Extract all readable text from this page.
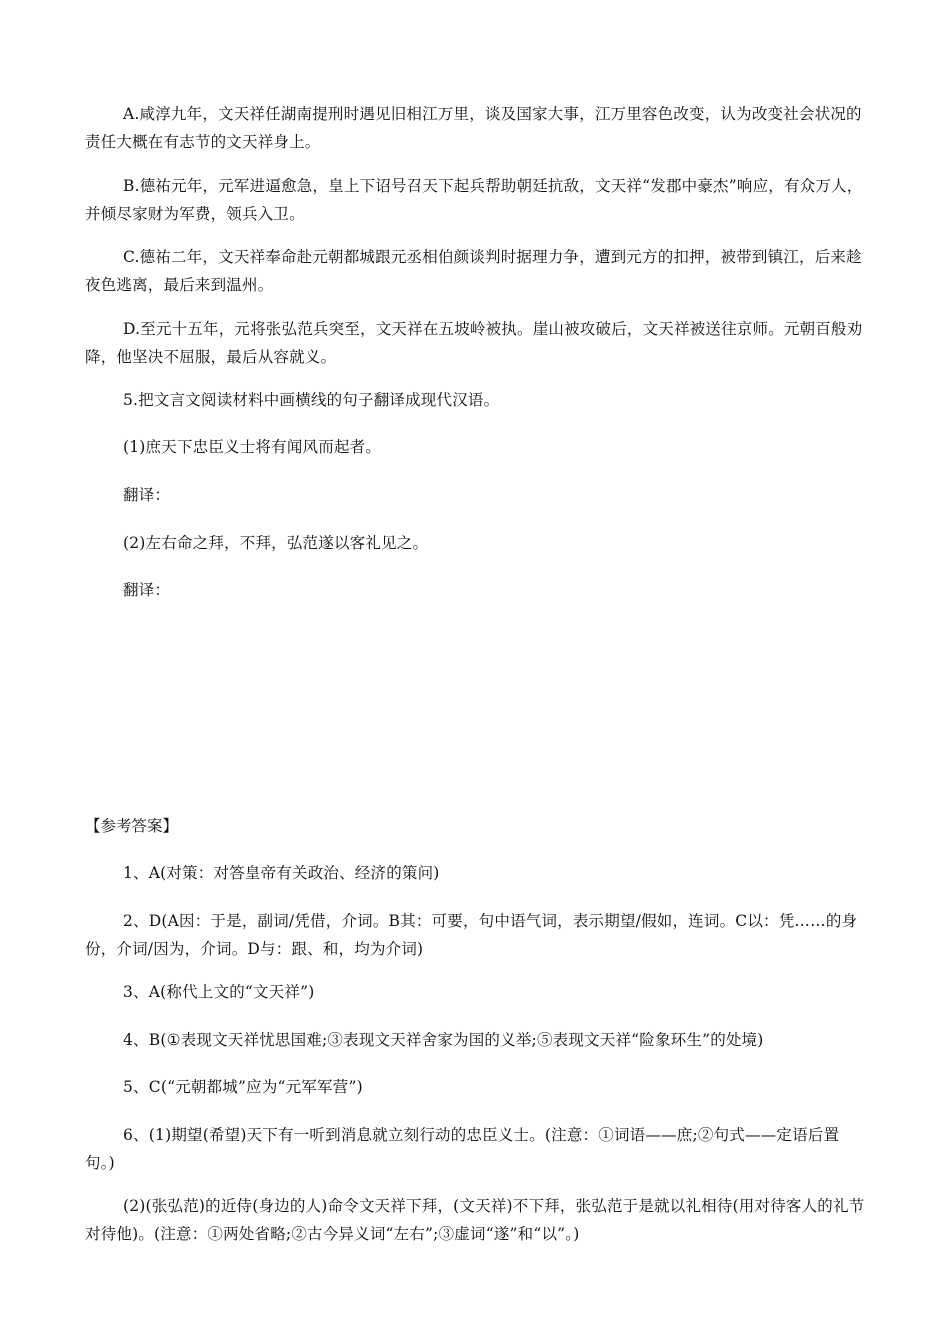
A.咸淳九年，文天祥任湖南提刑时遇见旧相江万里，谈及国家大事，江万里容色改变，认为改变社会状况的责任大概在有志节的文天祥身上。

B.德祐元年，元军进逼愈急，皇上下诏号召天下起兵帮助朝廷抗敌，文天祥“发郡中豪杰”响应，有众万人，并倾尽家财为军费，领兵入卫。

C.德祐二年，文天祥奉命赴元朝都城跟元丞相伯颜谈判时据理力争，遭到元方的扣押，被带到镇江，后来趁夜色逃离，最后来到温州。

D.至元十五年，元将张弘范兵突至，文天祥在五坡岭被执。崖山被攻破后，文天祥被送往京师。元朝百般劝降，他坚决不屈服，最后从容就义。

5.把文言文阅读材料中画横线的句子翻译成现代汉语。

(1)庶天下忠臣义士将有闻风而起者。

翻译：

(2)左右命之拜，不拜，弘范遂以客礼见之。

翻译：

【参考答案】

1、A(对策：对答皇帝有关政治、经济的策问)

2、D(A因：于是，副词/凭借，介词。B其：可要，句中语气词，表示期望/假如，连词。C以：凭……的身份，介词/因为，介词。D与：跟、和，均为介词)

3、A(称代上文的“文天祥”)

4、B(①表现文天祥忧思国难;③表现文天祥舍家为国的义举;⑤表现文天祥“险象环生”的处境)

5、C(“元朝都城”应为“元军军营”)

6、(1)期望(希望)天下有一听到消息就立刻行动的忠臣义士。(注意：①词语——庶;②句式——定语后置句。)

(2)(张弘范)的近侍(身边的人)命令文天祥下拜，(文天祥)不下拜，张弘范于是就以礼相待(用对待客人的礼节对待他)。(注意：①两处省略;②古今异义词“左右”;③虚词“遂”和“以”。)
